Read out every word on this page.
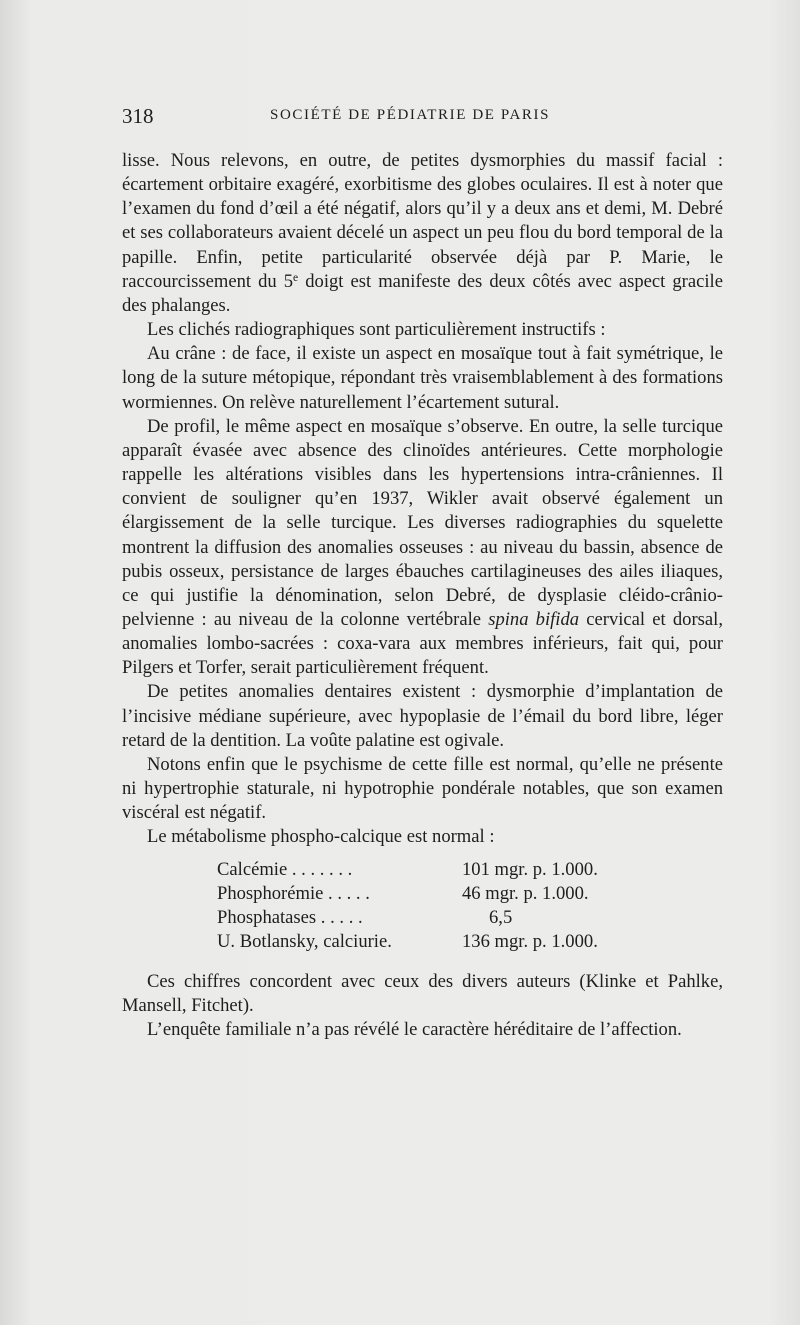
318	SOCIÉTÉ DE PÉDIATRIE DE PARIS

lisse. Nous relevons, en outre, de petites dysmorphies du massif facial : écartement orbitaire exagéré, exorbitisme des globes oculaires. Il est à noter que l’examen du fond d’œil a été négatif, alors qu’il y a deux ans et demi, M. Debré et ses collaborateurs avaient décelé un aspect un peu flou du bord temporal de la papille. Enfin, petite particularité observée déjà par P. Marie, le raccourcissement du 5e doigt est manifeste des deux côtés avec aspect gracile des phalanges.

Les clichés radiographiques sont particulièrement instructifs :

Au crâne : de face, il existe un aspect en mosaïque tout à fait symétrique, le long de la suture métopique, répondant très vraisemblablement à des formations wormiennes. On relève naturellement l’écartement sutural.

De profil, le même aspect en mosaïque s’observe. En outre, la selle turcique apparaît évasée avec absence des clinoïdes antérieures. Cette morphologie rappelle les altérations visibles dans les hypertensions intra-crâniennes. Il convient de souligner qu’en 1937, Wikler avait observé également un élargissement de la selle turcique. Les diverses radiographies du squelette montrent la diffusion des anomalies osseuses : au niveau du bassin, absence de pubis osseux, persistance de larges ébauches cartilagineuses des ailes iliaques, ce qui justifie la dénomination, selon Debré, de dysplasie cléido-crânio-pelvienne : au niveau de la colonne vertébrale spina bifida cervical et dorsal, anomalies lombo-sacrées : coxa-vara aux membres inférieurs, fait qui, pour Pilgers et Torfer, serait particulièrement fréquent.

De petites anomalies dentaires existent : dysmorphie d’implantation de l’incisive médiane supérieure, avec hypoplasie de l’émail du bord libre, léger retard de la dentition. La voûte palatine est ogivale.

Notons enfin que le psychisme de cette fille est normal, qu’elle ne présente ni hypertrophie staturale, ni hypotrophie pondérale notables, que son examen viscéral est négatif.

Le métabolisme phospho-calcique est normal :

Calcémie . . . . . . .	101 mgr. p. 1.000.
Phosphorémie . . . . .	46 mgr. p. 1.000.
Phosphatases . . . . .	6,5
U. Botlansky, calciurie.	136 mgr. p. 1.000.

Ces chiffres concordent avec ceux des divers auteurs (Klinke et Pahlke, Mansell, Fitchet).

L’enquête familiale n’a pas révélé le caractère héréditaire de l’affection.
